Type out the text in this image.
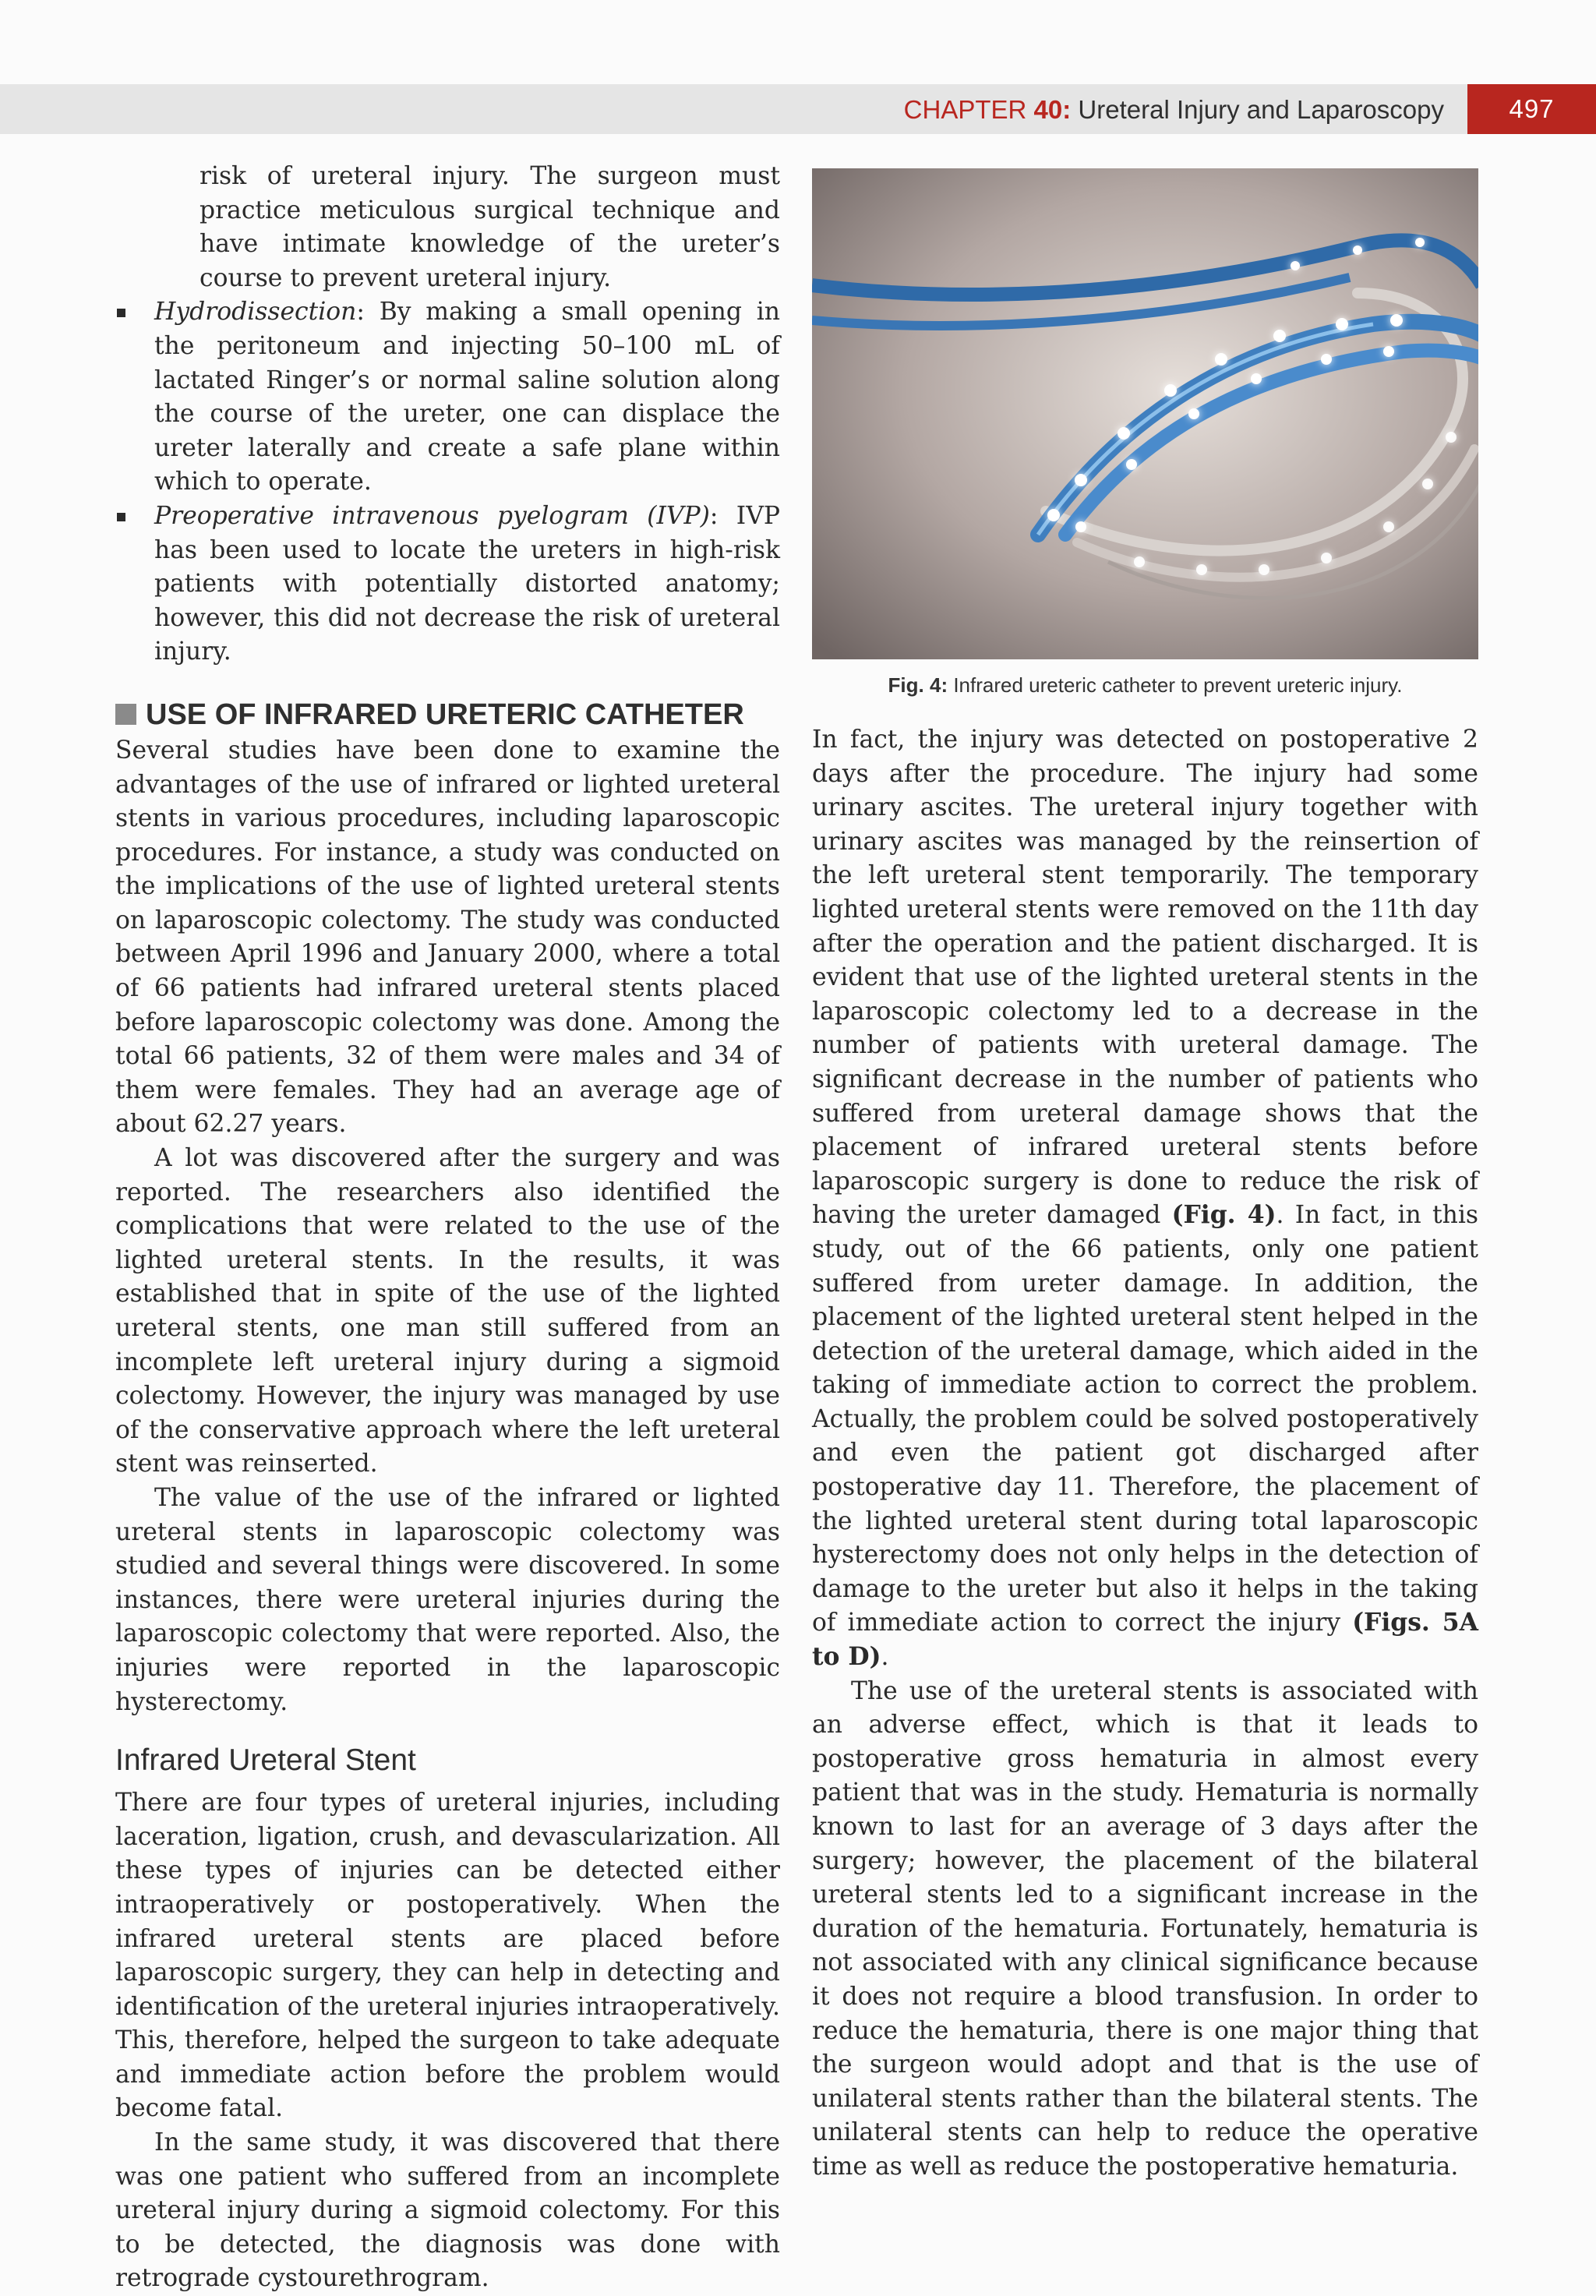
CHAPTER 40: Ureteral Injury and Laparoscopy	497

risk of ureteral injury. The surgeon must practice meticulous surgical technique and have intimate knowledge of the ureter’s course to prevent ureteral injury.

Hydrodissection: By making a small opening in the peritoneum and injecting 50–100 mL of lactated Ringer’s or normal saline solution along the course of the ureter, one can displace the ureter laterally and create a safe plane within which to operate.
Preoperative intravenous pyelogram (IVP): IVP has been used to locate the ureters in high-risk patients with potentially distorted anatomy; however, this did not decrease the risk of ureteral injury.
USE OF INFRARED URETERIC CATHETER

Several studies have been done to examine the advantages of the use of infrared or lighted ureteral stents in various procedures, including laparoscopic procedures. For instance, a study was conducted on the implications of the use of lighted ureteral stents on laparoscopic colectomy. The study was conducted between April 1996 and January 2000, where a total of 66 patients had infrared ureteral stents placed before laparoscopic colectomy was done. Among the total 66 patients, 32 of them were males and 34 of them were females. They had an average age of about 62.27 years.

A lot was discovered after the surgery and was reported. The researchers also identified the complications that were related to the use of the lighted ureteral stents. In the results, it was established that in spite of the use of the lighted ureteral stents, one man still suffered from an incomplete left ureteral injury during a sigmoid colectomy. However, the injury was managed by use of the conservative approach where the left ureteral stent was reinserted.

The value of the use of the infrared or lighted ureteral stents in laparoscopic colectomy was studied and several things were discovered. In some instances, there were ureteral injuries during the laparoscopic colectomy that were reported. Also, the injuries were reported in the laparoscopic hysterectomy.

Infrared Ureteral Stent

There are four types of ureteral injuries, including laceration, ligation, crush, and devascularization. All these types of injuries can be detected either intraoperatively or postoperatively. When the infrared ureteral stents are placed before laparoscopic surgery, they can help in detecting and identification of the ureteral injuries intraoperatively. This, therefore, helped the surgeon to take adequate and immediate action before the problem would become fatal.

In the same study, it was discovered that there was one patient who suffered from an incomplete ureteral injury during a sigmoid colectomy. For this to be detected, the diagnosis was done with retrograde cystourethrogram.

Fig. 4: Infrared ureteric catheter to prevent ureteric injury.

In fact, the injury was detected on postoperative 2 days after the procedure. The injury had some urinary ascites. The ureteral injury together with urinary ascites was managed by the reinsertion of the left ureteral stent temporarily. The temporary lighted ureteral stents were removed on the 11th day after the operation and the patient discharged. It is evident that use of the lighted ureteral stents in the laparoscopic colectomy led to a decrease in the number of patients with ureteral damage. The significant decrease in the number of patients who suffered from ureteral damage shows that the placement of infrared ureteral stents before laparoscopic surgery is done to reduce the risk of having the ureter damaged (Fig. 4). In fact, in this study, out of the 66 patients, only one patient suffered from ureter damage. In addition, the placement of the lighted ureteral stent helped in the detection of the ureteral damage, which aided in the taking of immediate action to correct the problem. Actually, the problem could be solved postoperatively and even the patient got discharged after postoperative day 11. Therefore, the placement of the lighted ureteral stent during total laparoscopic hysterectomy does not only helps in the detection of damage to the ureter but also it helps in the taking of immediate action to correct the injury (Figs. 5A to D).

The use of the ureteral stents is associated with an adverse effect, which is that it leads to postoperative gross hematuria in almost every patient that was in the study. Hematuria is normally known to last for an average of 3 days after the surgery; however, the placement of the bilateral ureteral stents led to a significant increase in the duration of the hematuria. Fortunately, hematuria is not associated with any clinical significance because it does not require a blood transfusion. In order to reduce the hematuria, there is one major thing that the surgeon would adopt and that is the use of unilateral stents rather than the bilateral stents. The unilateral stents can help to reduce the operative time as well as reduce the postoperative hematuria.
